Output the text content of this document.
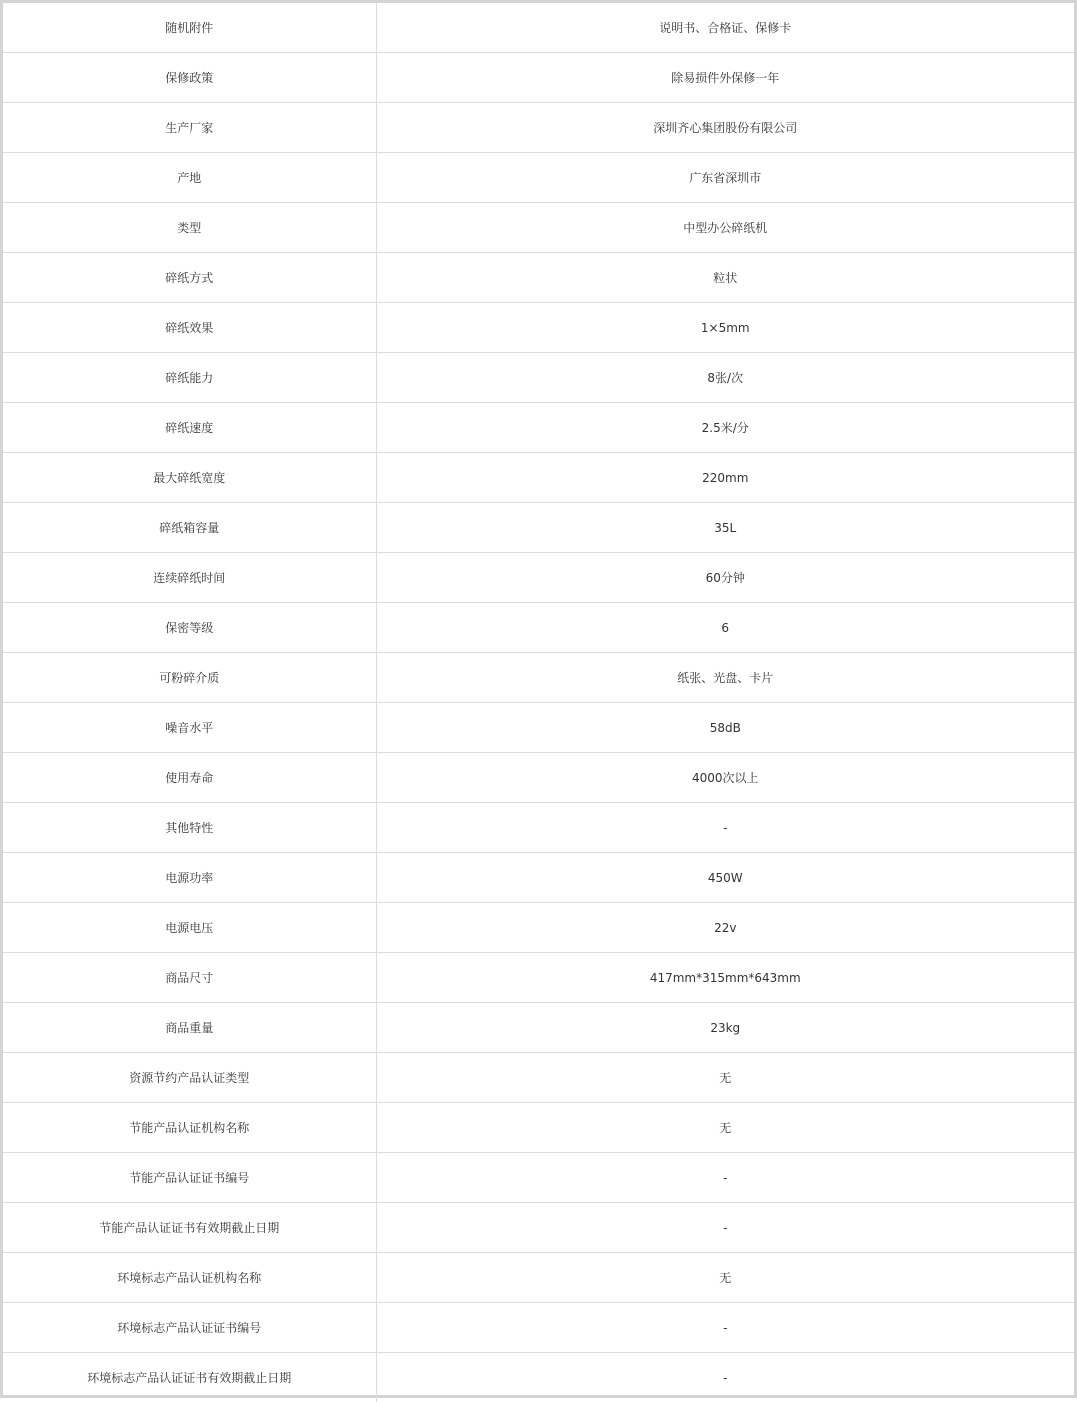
随机附件	说明书、合格证、保修卡
保修政策	除易损件外保修一年
生产厂家	深圳齐心集团股份有限公司
产地	广东省深圳市
类型	中型办公碎纸机
碎纸方式	粒状
碎纸效果	1×5mm
碎纸能力	8张/次
碎纸速度	2.5米/分
最大碎纸宽度	220mm
碎纸箱容量	35L
连续碎纸时间	60分钟
保密等级	6
可粉碎介质	纸张、光盘、卡片
噪音水平	58dB
使用寿命	4000次以上
其他特性	-
电源功率	450W
电源电压	22v
商品尺寸	417mm*315mm*643mm
商品重量	23kg
资源节约产品认证类型	无
节能产品认证机构名称	无
节能产品认证证书编号	-
节能产品认证证书有效期截止日期	-
环境标志产品认证机构名称	无
环境标志产品认证证书编号	-
环境标志产品认证证书有效期截止日期	-
